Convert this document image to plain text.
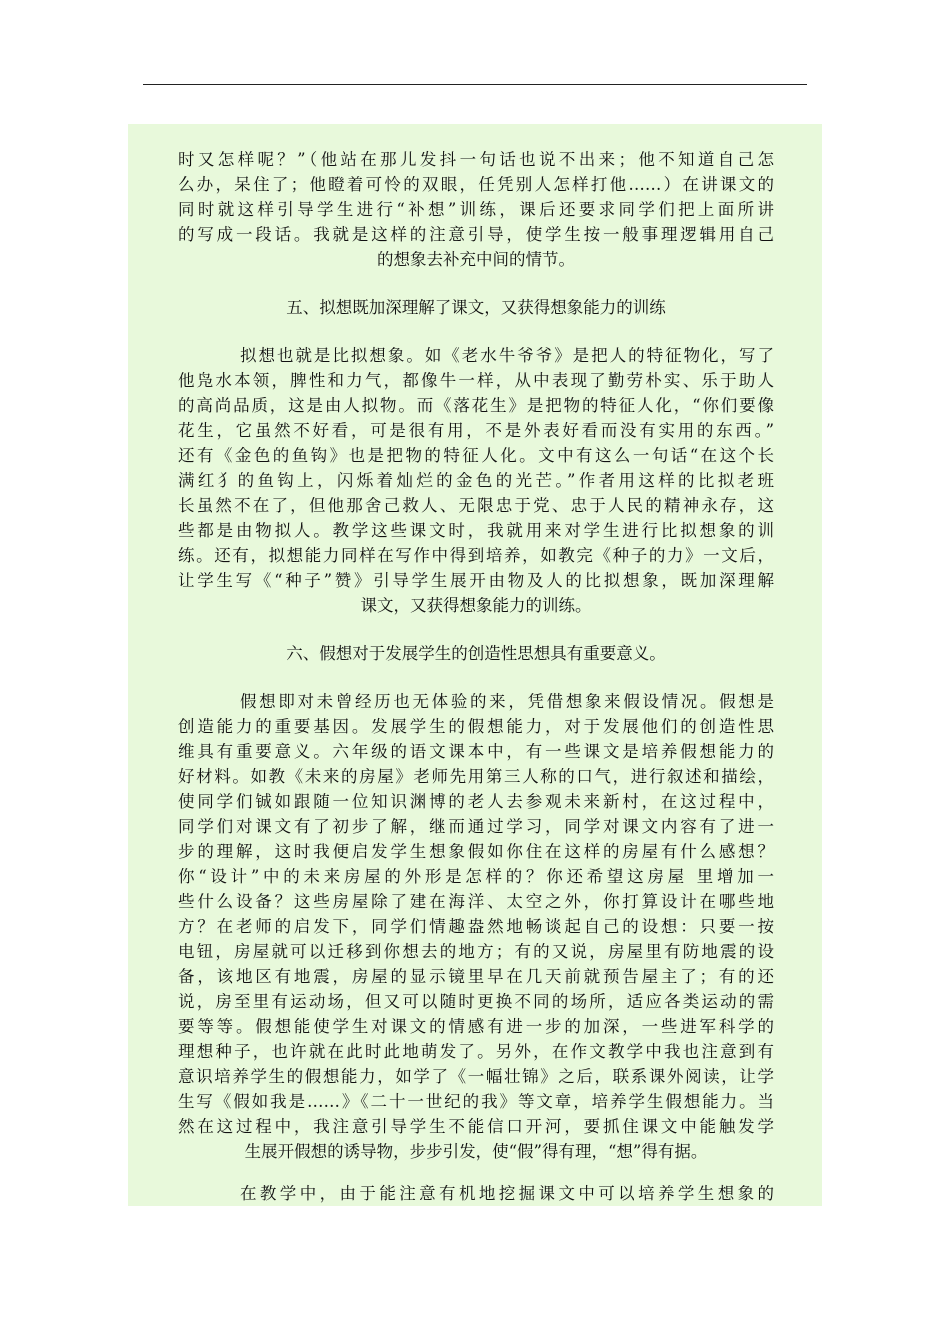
时又怎样呢？”（他站在那儿发抖一句话也说不出来；他不知道自己怎
么办，呆住了；他瞪着可怜的双眼，任凭别人怎样打他……）在讲课文的
同时就这样引导学生进行“补想”训练，课后还要求同学们把上面所讲
的写成一段话。我就是这样的注意引导，使学生按一般事理逻辑用自己
的想象去补充中间的情节。
五、拟想既加深理解了课文，又获得想象能力的训练
拟想也就是比拟想象。如《老水牛爷爷》是把人的特征物化，写了
他凫水本领，脾性和力气，都像牛一样，从中表现了勤劳朴实、乐于助人
的高尚品质，这是由人拟物。而《落花生》是把物的特征人化，“你们要像
花生，它虽然不好看，可是很有用，不是外表好看而没有实用的东西。”
还有《金色的鱼钩》也是把物的特征人化。文中有这么一句话“在这个长
满红犭的鱼钩上，闪烁着灿烂的金色的光芒。”作者用这样的比拟老班
长虽然不在了，但他那舍己救人、无限忠于党、忠于人民的精神永存，这
些都是由物拟人。教学这些课文时，我就用来对学生进行比拟想象的训
练。还有，拟想能力同样在写作中得到培养，如教完《种子的力》一文后，
让学生写《“种子”赞》引导学生展开由物及人的比拟想象，既加深理解
课文，又获得想象能力的训练。
六、假想对于发展学生的创造性思想具有重要意义。
假想即对未曾经历也无体验的来，凭借想象来假设情况。假想是
创造能力的重要基因。发展学生的假想能力，对于发展他们的创造性思
维具有重要意义。六年级的语文课本中，有一些课文是培养假想能力的
好材料。如教《未来的房屋》老师先用第三人称的口气，进行叙述和描绘，
使同学们铖如跟随一位知识渊博的老人去参观未来新村，在这过程中，
同学们对课文有了初步了解，继而通过学习，同学对课文内容有了进一
步的理解，这时我便启发学生想象假如你住在这样的房屋有什么感想？
你“设计”中的未来房屋的外形是怎样的？你还希望这房屋 里增加一
些什么设备？这些房屋除了建在海洋、太空之外，你打算设计在哪些地
方？在老师的启发下，同学们情趣盎然地畅谈起自己的设想：只要一按
电钮，房屋就可以迁移到你想去的地方；有的又说，房屋里有防地震的设
备，该地区有地震，房屋的显示镜里早在几天前就预告屋主了；有的还
说，房至里有运动场，但又可以随时更换不同的场所，适应各类运动的需
要等等。假想能使学生对课文的情感有进一步的加深，一些进军科学的
理想种子，也许就在此时此地萌发了。另外，在作文教学中我也注意到有
意识培养学生的假想能力，如学了《一幅壮锦》之后，联系课外阅读，让学
生写《假如我是……》《二十一世纪的我》等文章，培养学生假想能力。当
然在这过程中，我注意引导学生不能信口开河，要抓住课文中能触发学
生展开假想的诱导物，步步引发，使“假”得有理，“想”得有据。
在教学中，由于能注意有机地挖掘课文中可以培养学生想象的
